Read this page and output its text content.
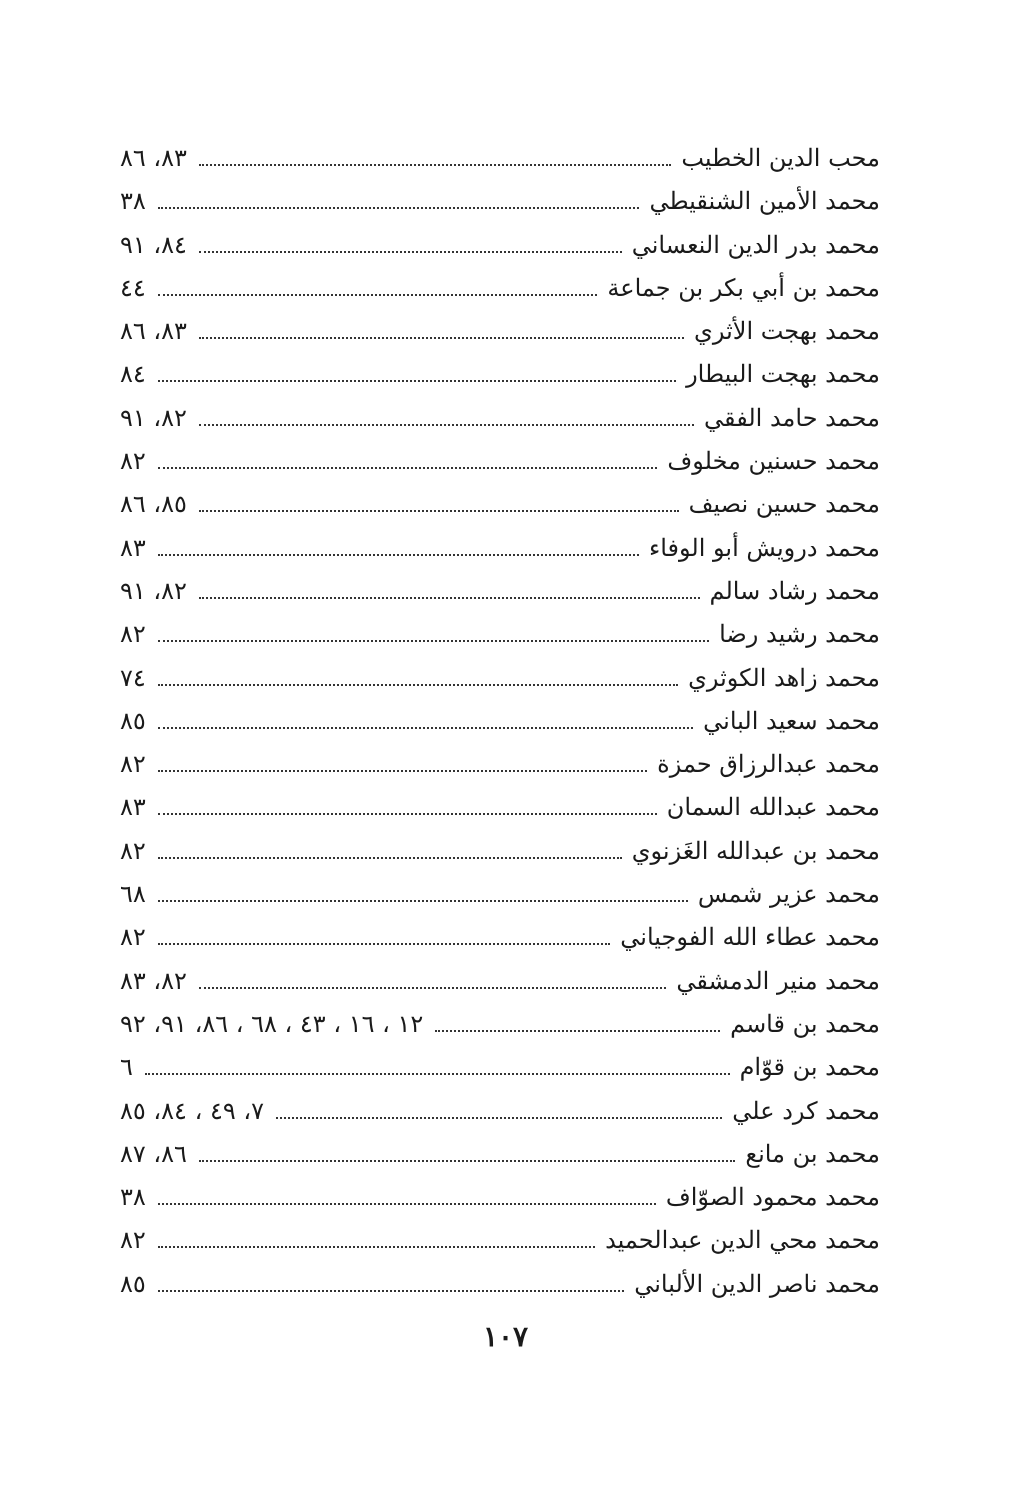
محب الدين الخطيب
٨٣، ٨٦
محمد الأمين الشنقيطي
٣٨
محمد بدر الدين النعساني
٨٤، ٩١
محمد بن أبي بكر بن جماعة
٤٤
محمد بهجت الأثري
٨٣، ٨٦
محمد بهجت البيطار
٨٤
محمد حامد الفقي
٨٢، ٩١
محمد حسنين مخلوف
٨٢
محمد حسين نصيف
٨٥، ٨٦
محمد درويش أبو الوفاء
٨٣
محمد رشاد سالم
٨٢، ٩١
محمد رشيد رضا
٨٢
محمد زاهد الكوثري
٧٤
محمد سعيد الباني
٨٥
محمد عبدالرزاق حمزة
٨٢
محمد عبدالله السمان
٨٣
محمد بن عبدالله الغَزنوي
٨٢
محمد عزير شمس
٦٨
محمد عطاء الله الفوجياني
٨٢
محمد منير الدمشقي
٨٢، ٨٣
محمد بن قاسم
١٢ ، ١٦ ، ٤٣ ، ٦٨ ، ٨٦، ٩١، ٩٢
محمد بن قوّام
٦
محمد كرد علي
٧، ٤٩ ، ٨٤، ٨٥
محمد بن مانع
٨٦، ٨٧
محمد محمود الصوّاف
٣٨
محمد محي الدين عبدالحميد
٨٢
محمد ناصر الدين الألباني
٨٥
١٠٧
